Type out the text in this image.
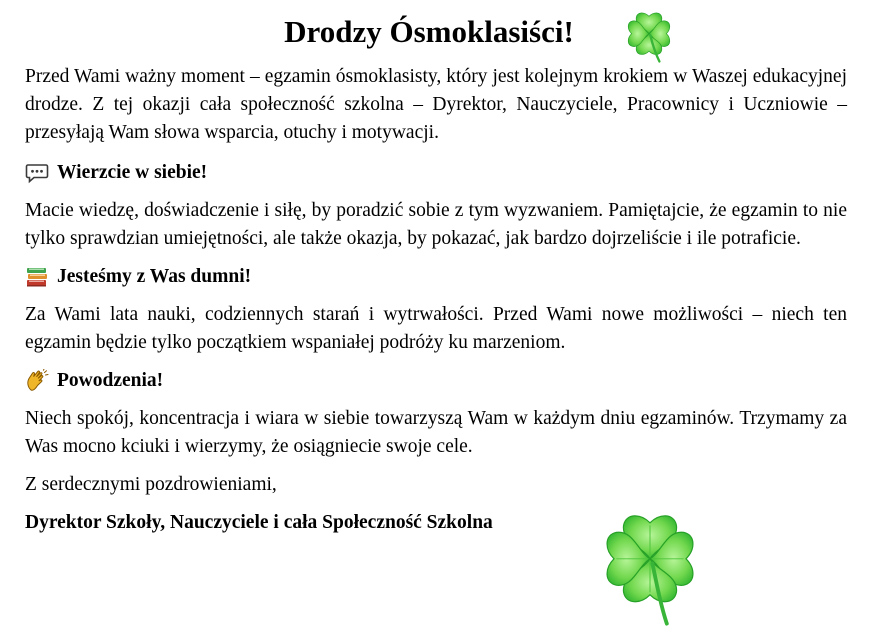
Drodzy Ósmoklasiści!

Przed Wami ważny moment – egzamin ósmoklasisty, który jest kolejnym krokiem w Waszej edukacyjnej drodze. Z tej okazji cała społeczność szkolna – Dyrektor, Nauczyciele, Pracownicy i Uczniowie – przesyłają Wam słowa wsparcia, otuchy i motywacji.

Wierzcie w siebie!

Macie wiedzę, doświadczenie i siłę, by poradzić sobie z tym wyzwaniem. Pamiętajcie, że egzamin to nie tylko sprawdzian umiejętności, ale także okazja, by pokazać, jak bardzo dojrzeliście i ile potraficie.

Jesteśmy z Was dumni!

Za Wami lata nauki, codziennych starań i wytrwałości. Przed Wami nowe możliwości – niech ten egzamin będzie tylko początkiem wspaniałej podróży ku marzeniom.

Powodzenia!

Niech spokój, koncentracja i wiara w siebie towarzyszą Wam w każdym dniu egzaminów. Trzymamy za Was mocno kciuki i wierzymy, że osiągniecie swoje cele.

Z serdecznymi pozdrowieniami,

Dyrektor Szkoły, Nauczyciele i cała Społeczność Szkolna
